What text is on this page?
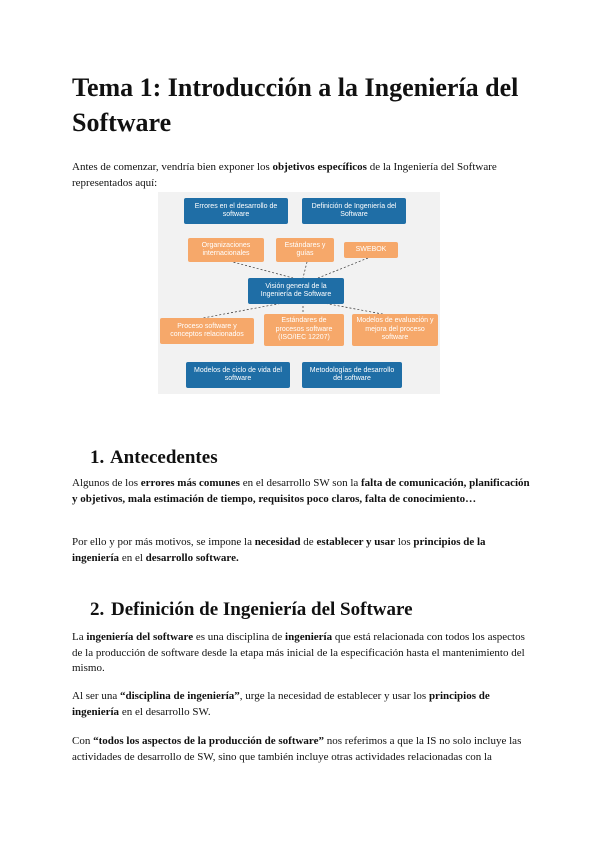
Tema 1: Introducción a la Ingeniería del Software

Antes de comenzar, vendría bien exponer los objetivos específicos de la Ingeniería del Software representados aquí:

Errores en el desarrollo de software
Definición de Ingeniería del Software
Organizaciones internacionales
Estándares y guías
SWEBOK
Visión general de la Ingeniería de Software
Proceso software y conceptos relacionados
Estándares de procesos software (ISO/IEC 12207)
Modelos de evaluación y mejora del proceso software
Modelos de ciclo de vida del software
Metodologías de desarrollo del software
1. Antecedentes

Algunos de los errores más comunes en el desarrollo SW son la falta de comunicación, planificación y objetivos, mala estimación de tiempo, requisitos poco claros, falta de conocimiento…

Por ello y por más motivos, se impone la necesidad de establecer y usar los principios de la ingeniería en el desarrollo software.

2. Definición de Ingeniería del Software

La ingeniería del software es una disciplina de ingeniería que está relacionada con todos los aspectos de la producción de software desde la etapa más inicial de la especificación hasta el mantenimiento del mismo.

Al ser una “disciplina de ingeniería”, urge la necesidad de establecer y usar los principios de ingeniería en el desarrollo SW.

Con “todos los aspectos de la producción de software” nos referimos a que la IS no solo incluye las actividades de desarrollo de SW, sino que también incluye otras actividades relacionadas con la
